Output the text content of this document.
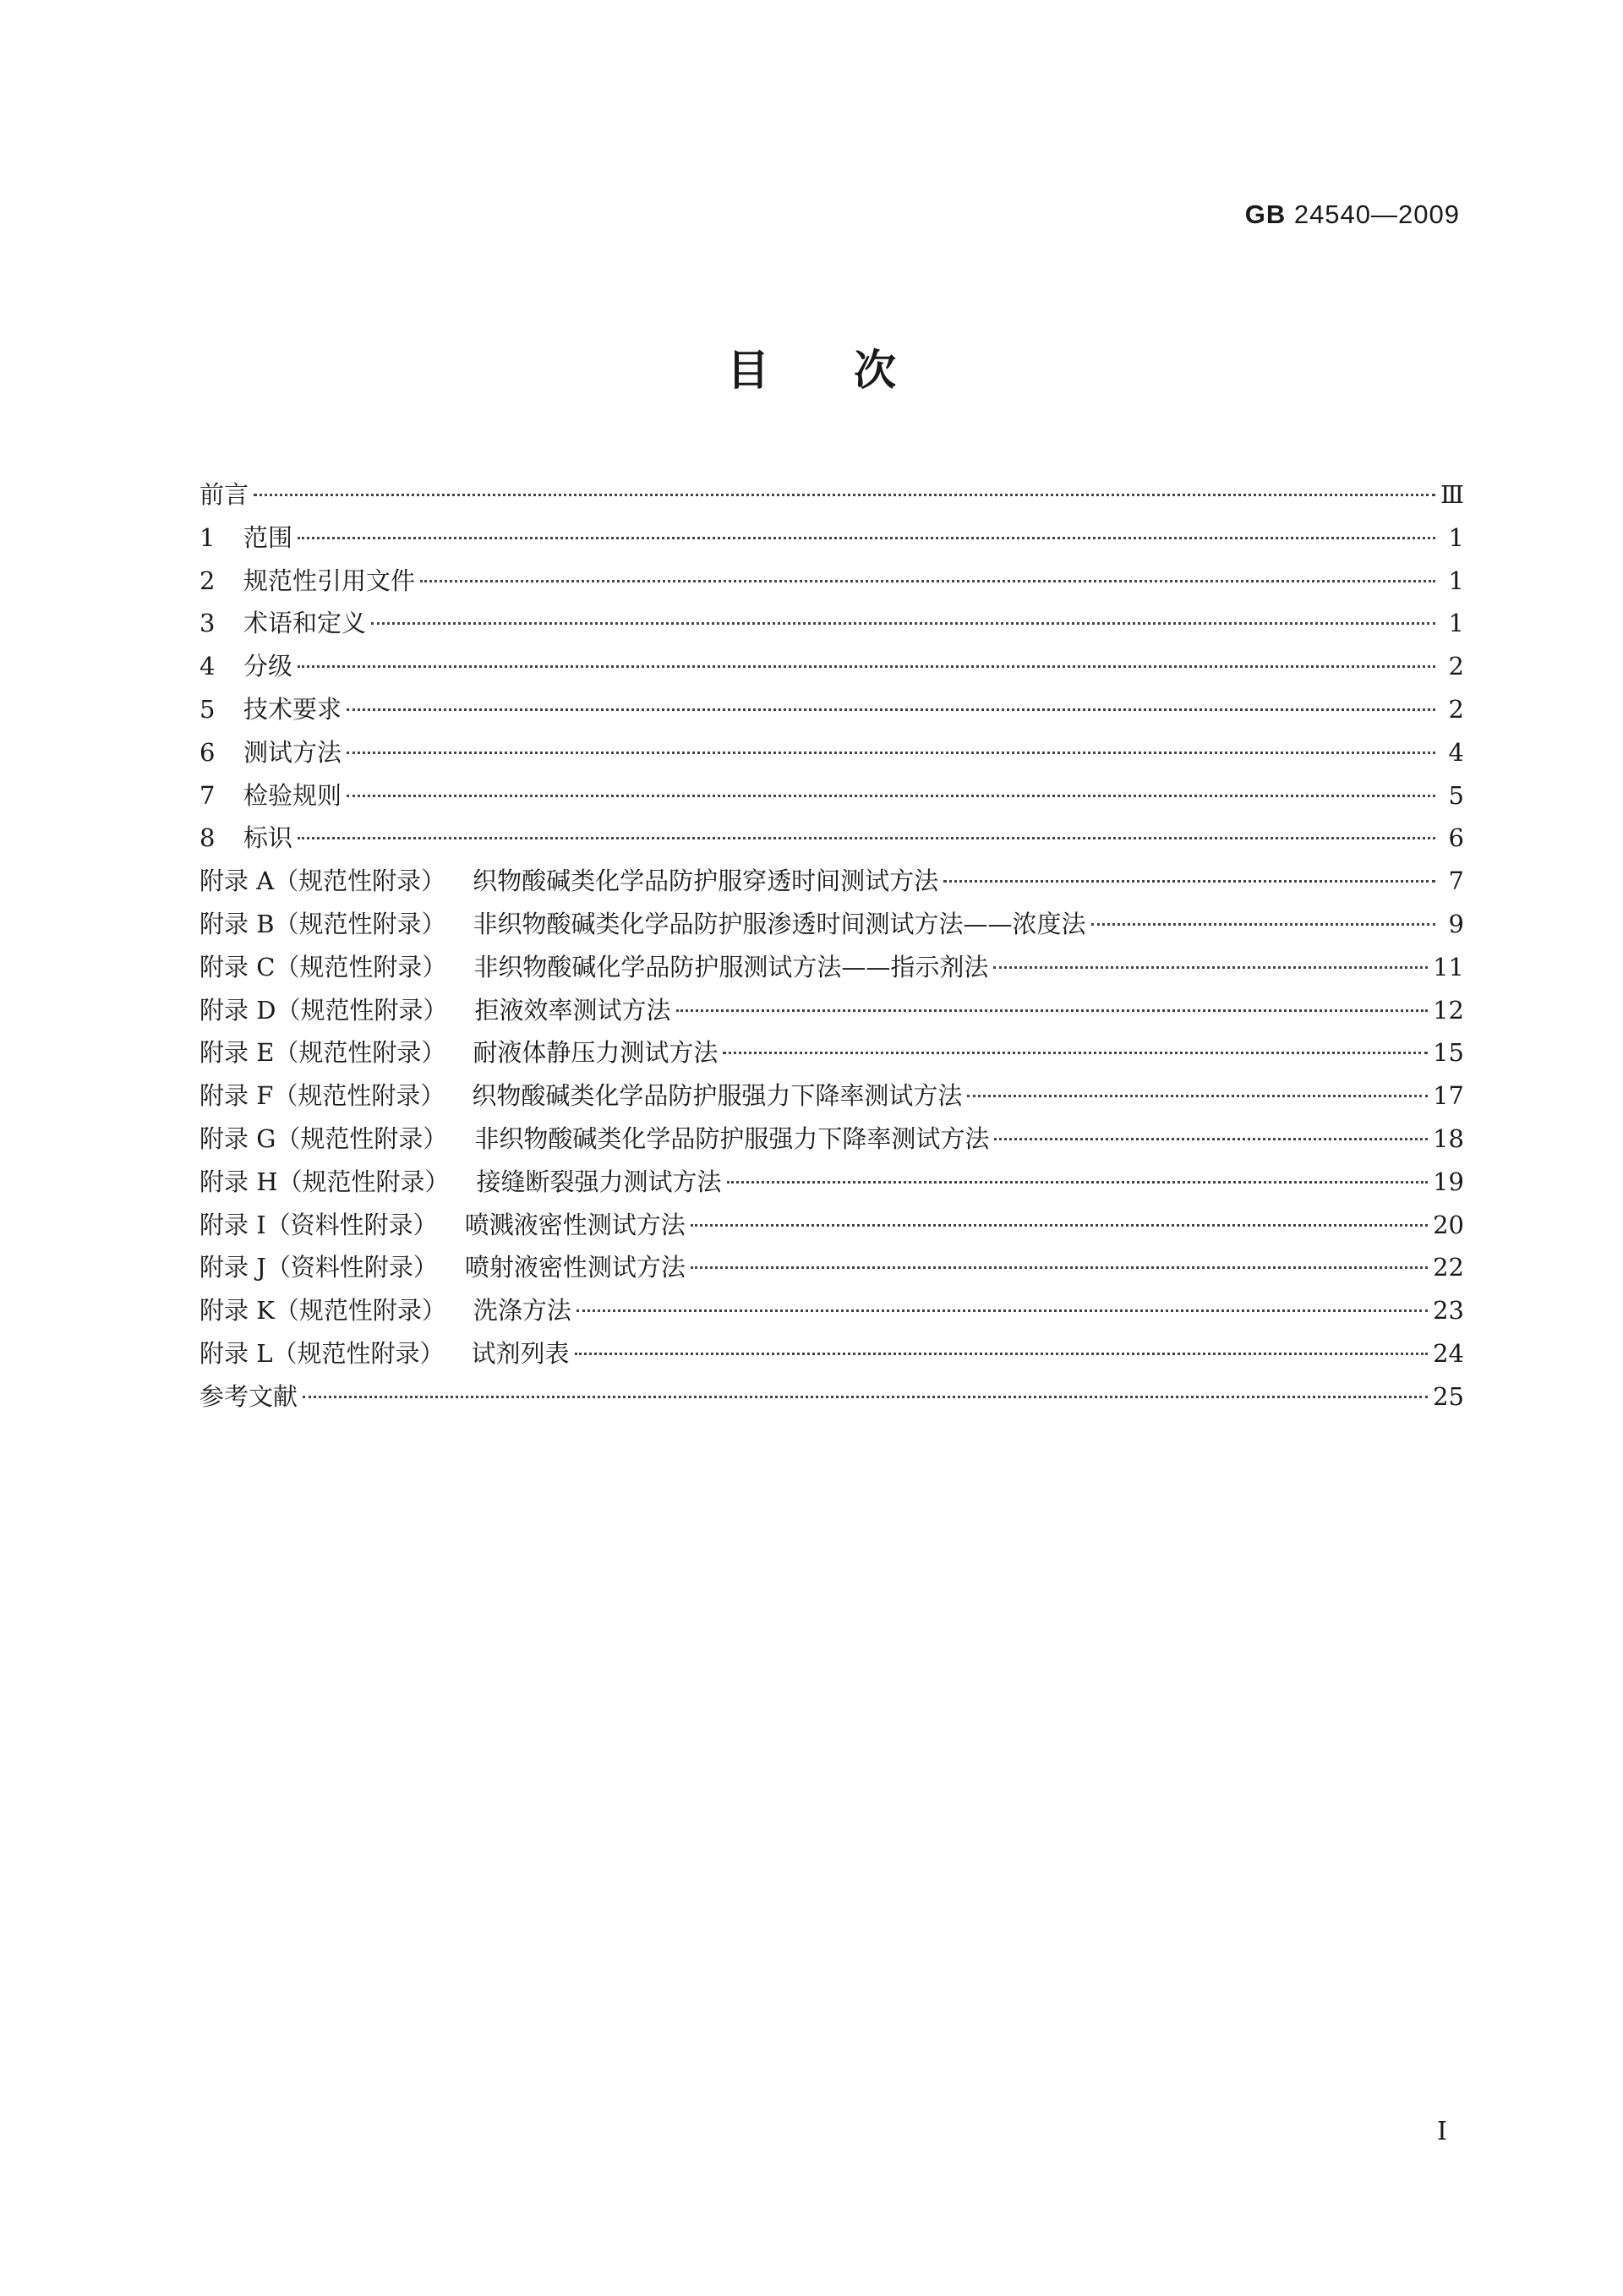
GB 24540—2009
目次
前言	Ⅲ
1 范围	1
2 规范性引用文件	1
3 术语和定义	1
4 分级	2
5 技术要求	2
6 测试方法	4
7 检验规则	5
8 标识	6
附录 A（规范性附录） 织物酸碱类化学品防护服穿透时间测试方法	7
附录 B（规范性附录） 非织物酸碱类化学品防护服渗透时间测试方法——浓度法	9
附录 C（规范性附录） 非织物酸碱化学品防护服测试方法——指示剂法	11
附录 D（规范性附录） 拒液效率测试方法	12
附录 E（规范性附录） 耐液体静压力测试方法	15
附录 F（规范性附录） 织物酸碱类化学品防护服强力下降率测试方法	17
附录 G（规范性附录） 非织物酸碱类化学品防护服强力下降率测试方法	18
附录 H（规范性附录） 接缝断裂强力测试方法	19
附录 I（资料性附录） 喷溅液密性测试方法	20
附录 J（资料性附录） 喷射液密性测试方法	22
附录 K（规范性附录） 洗涤方法	23
附录 L（规范性附录） 试剂列表	24
参考文献	25
Ⅰ
